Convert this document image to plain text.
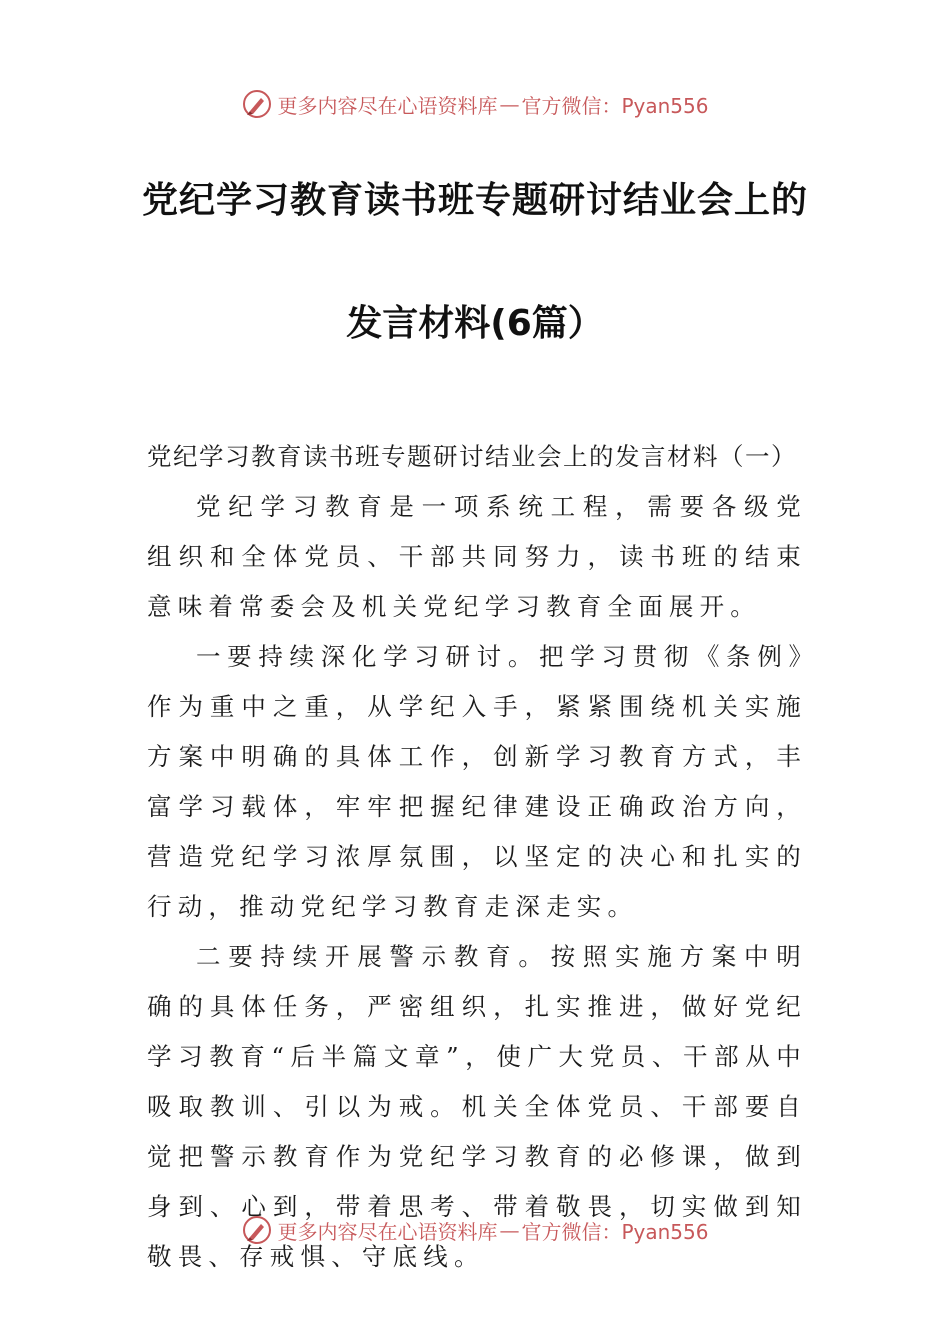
更多内容尽在心语资料库 — 官方微信：Pyan556
党纪学习教育读书班专题研讨结业会上的
发言材料(6篇）

党纪学习教育读书班专题研讨结业会上的发言材料（一）

党纪学习教育是一项系统工程，需要各级党组织和全体党员、干部共同努力，读书班的结束意味着常委会及机关党纪学习教育全面展开。

一要持续深化学习研讨。把学习贯彻《条例》作为重中之重，从学纪入手，紧紧围绕机关实施方案中明确的具体工作，创新学习教育方式，丰富学习载体，牢牢把握纪律建设正确政治方向，营造党纪学习浓厚氛围，以坚定的决心和扎实的行动，推动党纪学习教育走深走实。

二要持续开展警示教育。按照实施方案中明确的具体任务，严密组织，扎实推进，做好党纪学习教育“后半篇文章”，使广大党员、干部从中吸取教训、引以为戒。机关全体党员、干部要自觉把警示教育作为党纪学习教育的必修课，做到身到、心到，带着思考、带着敬畏，切实做到知敬畏、存戒惧、守底线。

更多内容尽在心语资料库 — 官方微信：Pyan556
